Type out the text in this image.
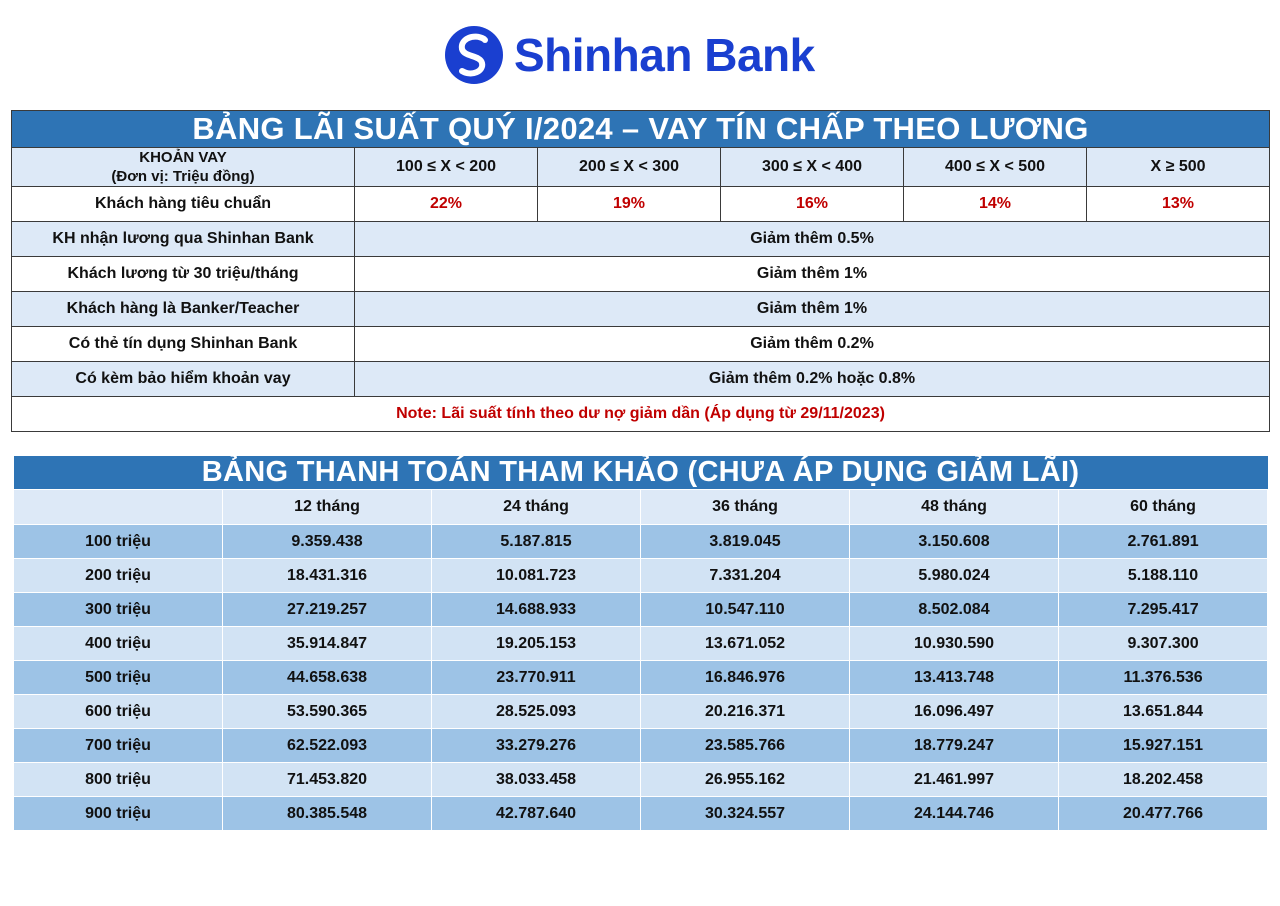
Shinhan Bank
BẢNG LÃI SUẤT QUÝ I/2024 – VAY TÍN CHẤP THEO LƯƠNG					
KHOẢN VAY
(Đơn vị: Triệu đồng)	100 ≤ X < 200	200 ≤ X < 300	300 ≤ X < 400	400 ≤ X < 500	X ≥ 500
Khách hàng tiêu chuẩn	22%	19%	16%	14%	13%
KH nhận lương qua Shinhan Bank	Giảm thêm 0.5%				
Khách lương từ 30 triệu/tháng	Giảm thêm 1%				
Khách hàng là Banker/Teacher	Giảm thêm 1%				
Có thẻ tín dụng Shinhan Bank	Giảm thêm 0.2%				
Có kèm bảo hiểm khoản vay	Giảm thêm 0.2% hoặc 0.8%				
Note: Lãi suất tính theo dư nợ giảm dần (Áp dụng từ 29/11/2023)					
BẢNG THANH TOÁN THAM KHẢO (CHƯA ÁP DỤNG GIẢM LÃI)					
	12 tháng	24 tháng	36 tháng	48 tháng	60 tháng
100 triệu	9.359.438	5.187.815	3.819.045	3.150.608	2.761.891
200 triệu	18.431.316	10.081.723	7.331.204	5.980.024	5.188.110
300 triệu	27.219.257	14.688.933	10.547.110	8.502.084	7.295.417
400 triệu	35.914.847	19.205.153	13.671.052	10.930.590	9.307.300
500 triệu	44.658.638	23.770.911	16.846.976	13.413.748	11.376.536
600 triệu	53.590.365	28.525.093	20.216.371	16.096.497	13.651.844
700 triệu	62.522.093	33.279.276	23.585.766	18.779.247	15.927.151
800 triệu	71.453.820	38.033.458	26.955.162	21.461.997	18.202.458
900 triệu	80.385.548	42.787.640	30.324.557	24.144.746	20.477.766
